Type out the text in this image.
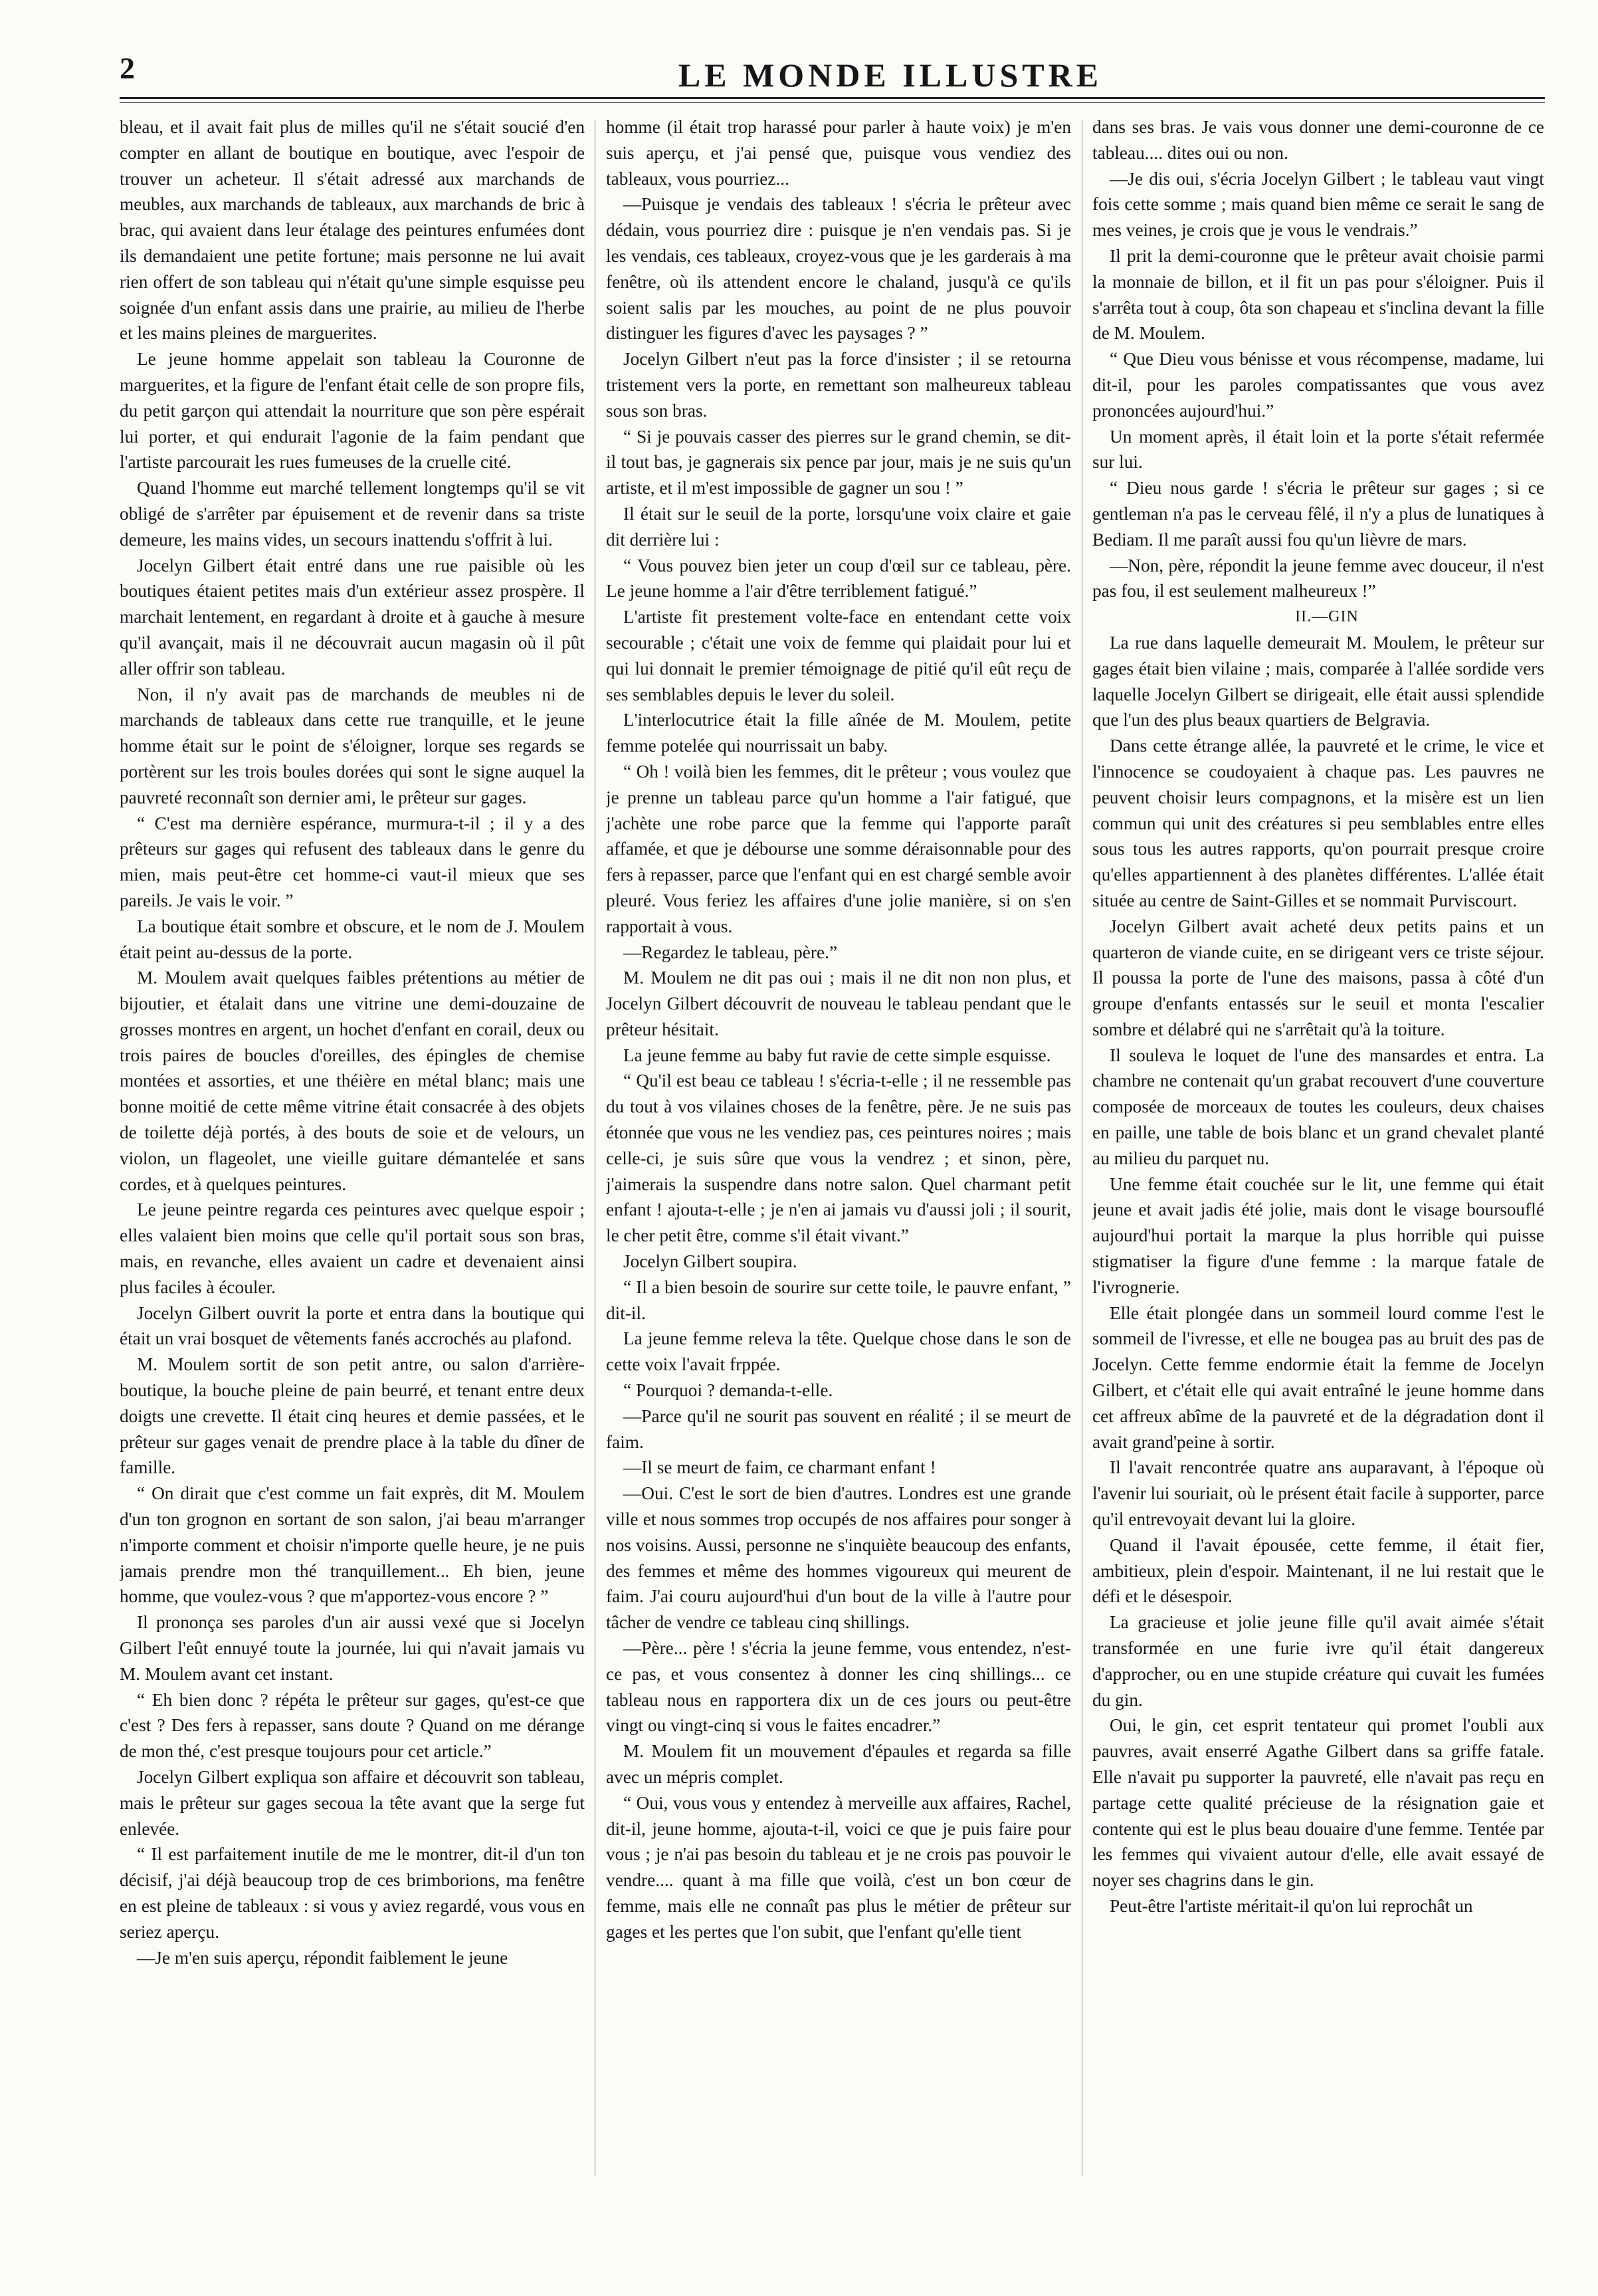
2	LE MONDE ILLUSTRE

bleau, et il avait fait plus de milles qu'il ne s'était soucié d'en compter en allant de boutique en boutique, avec l'espoir de trouver un acheteur. Il s'était adressé aux marchands de meubles, aux marchands de tableaux, aux marchands de bric à brac, qui avaient dans leur étalage des peintures enfumées dont ils demandaient une petite fortune; mais personne ne lui avait rien offert de son tableau qui n'était qu'une simple esquisse peu soignée d'un enfant assis dans une prairie, au milieu de l'herbe et les mains pleines de marguerites.

Le jeune homme appelait son tableau la Couronne de marguerites, et la figure de l'enfant était celle de son propre fils, du petit garçon qui attendait la nourriture que son père espérait lui porter, et qui endurait l'agonie de la faim pendant que l'artiste parcourait les rues fumeuses de la cruelle cité.

Quand l'homme eut marché tellement longtemps qu'il se vit obligé de s'arrêter par épuisement et de revenir dans sa triste demeure, les mains vides, un secours inattendu s'offrit à lui.

Jocelyn Gilbert était entré dans une rue paisible où les boutiques étaient petites mais d'un extérieur assez prospère. Il marchait lentement, en regardant à droite et à gauche à mesure qu'il avançait, mais il ne découvrait aucun magasin où il pût aller offrir son tableau.

Non, il n'y avait pas de marchands de meubles ni de marchands de tableaux dans cette rue tranquille, et le jeune homme était sur le point de s'éloigner, lorque ses regards se portèrent sur les trois boules dorées qui sont le signe auquel la pauvreté reconnaît son dernier ami, le prêteur sur gages.

“ C'est ma dernière espérance, murmura-t-il ; il y a des prêteurs sur gages qui refusent des tableaux dans le genre du mien, mais peut-être cet homme-ci vaut-il mieux que ses pareils. Je vais le voir. ”

La boutique était sombre et obscure, et le nom de J. Moulem était peint au-dessus de la porte.

M. Moulem avait quelques faibles prétentions au métier de bijoutier, et étalait dans une vitrine une demi-douzaine de grosses montres en argent, un hochet d'enfant en corail, deux ou trois paires de boucles d'oreilles, des épingles de chemise montées et assorties, et une théière en métal blanc; mais une bonne moitié de cette même vitrine était consacrée à des objets de toilette déjà portés, à des bouts de soie et de velours, un violon, un flageolet, une vieille guitare démantelée et sans cordes, et à quelques peintures.

Le jeune peintre regarda ces peintures avec quelque espoir ; elles valaient bien moins que celle qu'il portait sous son bras, mais, en revanche, elles avaient un cadre et devenaient ainsi plus faciles à écouler.

Jocelyn Gilbert ouvrit la porte et entra dans la boutique qui était un vrai bosquet de vêtements fanés accrochés au plafond.

M. Moulem sortit de son petit antre, ou salon d'arrière-boutique, la bouche pleine de pain beurré, et tenant entre deux doigts une crevette. Il était cinq heures et demie passées, et le prêteur sur gages venait de prendre place à la table du dîner de famille.

“ On dirait que c'est comme un fait exprès, dit M. Moulem d'un ton grognon en sortant de son salon, j'ai beau m'arranger n'importe comment et choisir n'importe quelle heure, je ne puis jamais prendre mon thé tranquillement... Eh bien, jeune homme, que voulez-vous ? que m'apportez-vous encore ? ”

Il prononça ses paroles d'un air aussi vexé que si Jocelyn Gilbert l'eût ennuyé toute la journée, lui qui n'avait jamais vu M. Moulem avant cet instant.

“ Eh bien donc ? répéta le prêteur sur gages, qu'est-ce que c'est ? Des fers à repasser, sans doute ? Quand on me dérange de mon thé, c'est presque toujours pour cet article.”

Jocelyn Gilbert expliqua son affaire et découvrit son tableau, mais le prêteur sur gages secoua la tête avant que la serge fut enlevée.

“ Il est parfaitement inutile de me le montrer, dit-il d'un ton décisif, j'ai déjà beaucoup trop de ces brimborions, ma fenêtre en est pleine de tableaux : si vous y aviez regardé, vous vous en seriez aperçu.

—Je m'en suis aperçu, répondit faiblement le jeune

homme (il était trop harassé pour parler à haute voix) je m'en suis aperçu, et j'ai pensé que, puisque vous vendiez des tableaux, vous pourriez...

—Puisque je vendais des tableaux ! s'écria le prêteur avec dédain, vous pourriez dire : puisque je n'en vendais pas. Si je les vendais, ces tableaux, croyez-vous que je les garderais à ma fenêtre, où ils attendent encore le chaland, jusqu'à ce qu'ils soient salis par les mouches, au point de ne plus pouvoir distinguer les figures d'avec les paysages ? ”

Jocelyn Gilbert n'eut pas la force d'insister ; il se retourna tristement vers la porte, en remettant son malheureux tableau sous son bras.

“ Si je pouvais casser des pierres sur le grand chemin, se dit-il tout bas, je gagnerais six pence par jour, mais je ne suis qu'un artiste, et il m'est impossible de gagner un sou ! ”

Il était sur le seuil de la porte, lorsqu'une voix claire et gaie dit derrière lui :

“ Vous pouvez bien jeter un coup d'œil sur ce tableau, père. Le jeune homme a l'air d'être terriblement fatigué.”

L'artiste fit prestement volte-face en entendant cette voix secourable ; c'était une voix de femme qui plaidait pour lui et qui lui donnait le premier témoignage de pitié qu'il eût reçu de ses semblables depuis le lever du soleil.

L'interlocutrice était la fille aînée de M. Moulem, petite femme potelée qui nourrissait un baby.

“ Oh ! voilà bien les femmes, dit le prêteur ; vous voulez que je prenne un tableau parce qu'un homme a l'air fatigué, que j'achète une robe parce que la femme qui l'apporte paraît affamée, et que je débourse une somme déraisonnable pour des fers à repasser, parce que l'enfant qui en est chargé semble avoir pleuré. Vous feriez les affaires d'une jolie manière, si on s'en rapportait à vous.

—Regardez le tableau, père.”

M. Moulem ne dit pas oui ; mais il ne dit non non plus, et Jocelyn Gilbert découvrit de nouveau le tableau pendant que le prêteur hésitait.

La jeune femme au baby fut ravie de cette simple esquisse.

“ Qu'il est beau ce tableau ! s'écria-t-elle ; il ne ressemble pas du tout à vos vilaines choses de la fenêtre, père. Je ne suis pas étonnée que vous ne les vendiez pas, ces peintures noires ; mais celle-ci, je suis sûre que vous la vendrez ; et sinon, père, j'aimerais la suspendre dans notre salon. Quel charmant petit enfant ! ajouta-t-elle ; je n'en ai jamais vu d'aussi joli ; il sourit, le cher petit être, comme s'il était vivant.”

Jocelyn Gilbert soupira.

“ Il a bien besoin de sourire sur cette toile, le pauvre enfant, ” dit-il.

La jeune femme releva la tête. Quelque chose dans le son de cette voix l'avait frppée.

“ Pourquoi ? demanda-t-elle.

—Parce qu'il ne sourit pas souvent en réalité ; il se meurt de faim.

—Il se meurt de faim, ce charmant enfant !

—Oui. C'est le sort de bien d'autres. Londres est une grande ville et nous sommes trop occupés de nos affaires pour songer à nos voisins. Aussi, personne ne s'inquiète beaucoup des enfants, des femmes et même des hommes vigoureux qui meurent de faim. J'ai couru aujourd'hui d'un bout de la ville à l'autre pour tâcher de vendre ce tableau cinq shillings.

—Père... père ! s'écria la jeune femme, vous entendez, n'est-ce pas, et vous consentez à donner les cinq shillings... ce tableau nous en rapportera dix un de ces jours ou peut-être vingt ou vingt-cinq si vous le faites encadrer.”

M. Moulem fit un mouvement d'épaules et regarda sa fille avec un mépris complet.

“ Oui, vous vous y entendez à merveille aux affaires, Rachel, dit-il, jeune homme, ajouta-t-il, voici ce que je puis faire pour vous ; je n'ai pas besoin du tableau et je ne crois pas pouvoir le vendre.... quant à ma fille que voilà, c'est un bon cœur de femme, mais elle ne connaît pas plus le métier de prêteur sur gages et les pertes que l'on subit, que l'enfant qu'elle tient

dans ses bras. Je vais vous donner une demi-couronne de ce tableau.... dites oui ou non.

—Je dis oui, s'écria Jocelyn Gilbert ; le tableau vaut vingt fois cette somme ; mais quand bien même ce serait le sang de mes veines, je crois que je vous le vendrais.”

Il prit la demi-couronne que le prêteur avait choisie parmi la monnaie de billon, et il fit un pas pour s'éloigner. Puis il s'arrêta tout à coup, ôta son chapeau et s'inclina devant la fille de M. Moulem.

“ Que Dieu vous bénisse et vous récompense, madame, lui dit-il, pour les paroles compatissantes que vous avez prononcées aujourd'hui.”

Un moment après, il était loin et la porte s'était refermée sur lui.

“ Dieu nous garde ! s'écria le prêteur sur gages ; si ce gentleman n'a pas le cerveau fêlé, il n'y a plus de lunatiques à Bediam. Il me paraît aussi fou qu'un lièvre de mars.

—Non, père, répondit la jeune femme avec douceur, il n'est pas fou, il est seulement malheureux !”

II.—GIN

La rue dans laquelle demeurait M. Moulem, le prêteur sur gages était bien vilaine ; mais, comparée à l'allée sordide vers laquelle Jocelyn Gilbert se dirigeait, elle était aussi splendide que l'un des plus beaux quartiers de Belgravia.

Dans cette étrange allée, la pauvreté et le crime, le vice et l'innocence se coudoyaient à chaque pas. Les pauvres ne peuvent choisir leurs compagnons, et la misère est un lien commun qui unit des créatures si peu semblables entre elles sous tous les autres rapports, qu'on pourrait presque croire qu'elles appartiennent à des planètes différentes. L'allée était située au centre de Saint-Gilles et se nommait Purviscourt.

Jocelyn Gilbert avait acheté deux petits pains et un quarteron de viande cuite, en se dirigeant vers ce triste séjour. Il poussa la porte de l'une des maisons, passa à côté d'un groupe d'enfants entassés sur le seuil et monta l'escalier sombre et délabré qui ne s'arrêtait qu'à la toiture.

Il souleva le loquet de l'une des mansardes et entra. La chambre ne contenait qu'un grabat recouvert d'une couverture composée de morceaux de toutes les couleurs, deux chaises en paille, une table de bois blanc et un grand chevalet planté au milieu du parquet nu.

Une femme était couchée sur le lit, une femme qui était jeune et avait jadis été jolie, mais dont le visage boursouflé aujourd'hui portait la marque la plus horrible qui puisse stigmatiser la figure d'une femme : la marque fatale de l'ivrognerie.

Elle était plongée dans un sommeil lourd comme l'est le sommeil de l'ivresse, et elle ne bougea pas au bruit des pas de Jocelyn. Cette femme endormie était la femme de Jocelyn Gilbert, et c'était elle qui avait entraîné le jeune homme dans cet affreux abîme de la pauvreté et de la dégradation dont il avait grand'peine à sortir.

Il l'avait rencontrée quatre ans auparavant, à l'époque où l'avenir lui souriait, où le présent était facile à supporter, parce qu'il entrevoyait devant lui la gloire.

Quand il l'avait épousée, cette femme, il était fier, ambitieux, plein d'espoir. Maintenant, il ne lui restait que le défi et le désespoir.

La gracieuse et jolie jeune fille qu'il avait aimée s'était transformée en une furie ivre qu'il était dangereux d'approcher, ou en une stupide créature qui cuvait les fumées du gin.

Oui, le gin, cet esprit tentateur qui promet l'oubli aux pauvres, avait enserré Agathe Gilbert dans sa griffe fatale. Elle n'avait pu supporter la pauvreté, elle n'avait pas reçu en partage cette qualité précieuse de la résignation gaie et contente qui est le plus beau douaire d'une femme. Tentée par les femmes qui vivaient autour d'elle, elle avait essayé de noyer ses chagrins dans le gin.

Peut-être l'artiste méritait-il qu'on lui reprochât un
